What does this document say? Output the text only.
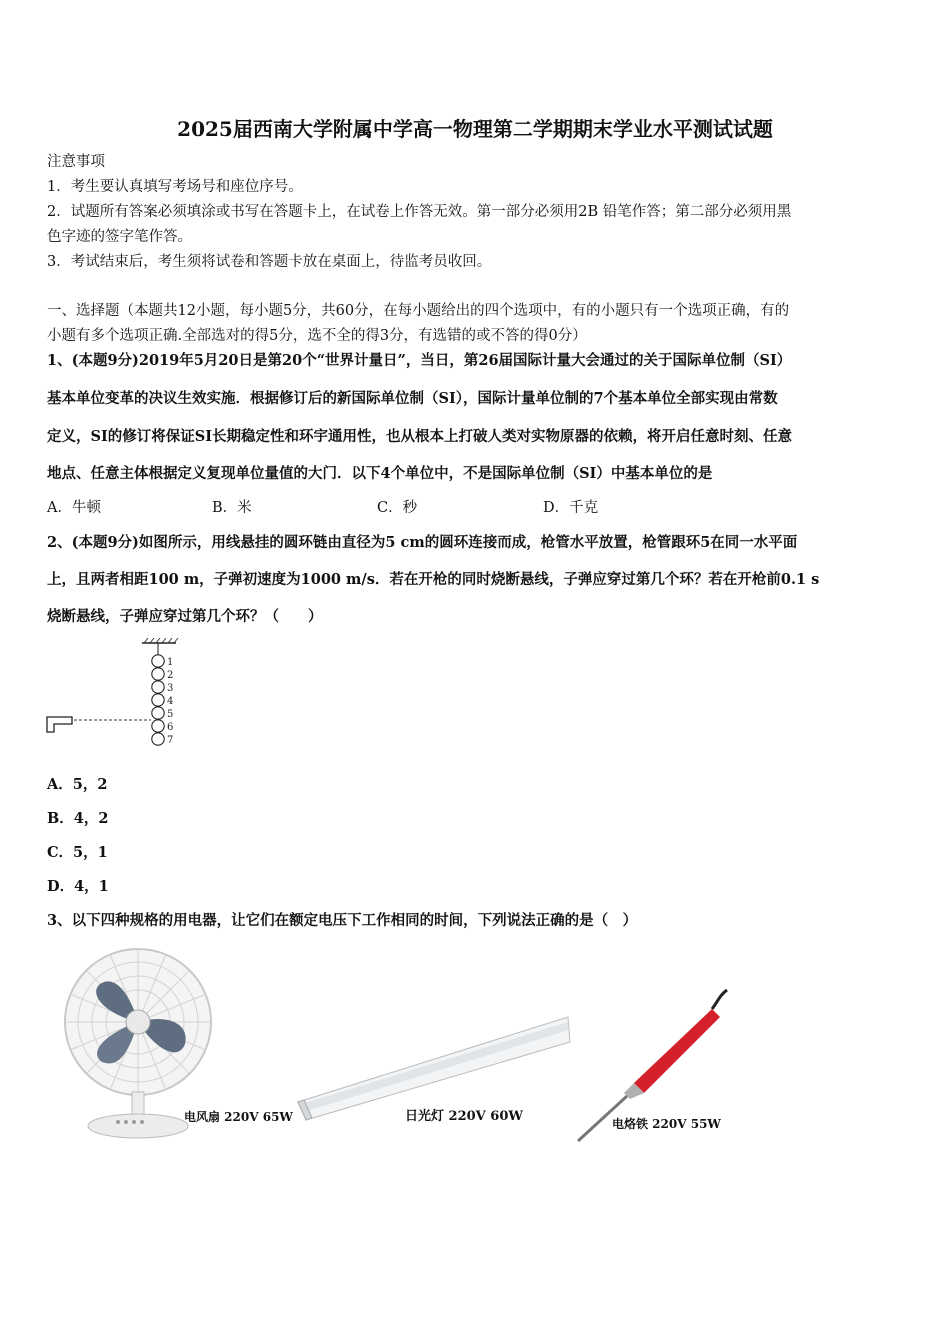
2025届西南大学附属中学高一物理第二学期期末学业水平测试试题
注意事项
1．考生要认真填写考场号和座位序号。
2．试题所有答案必须填涂或书写在答题卡上，在试卷上作答无效。第一部分必须用2B 铅笔作答；第二部分必须用黑
色字迹的签字笔作答。
3．考试结束后，考生须将试卷和答题卡放在桌面上，待监考员收回。
一、选择题（本题共12小题，每小题5分，共60分，在每小题给出的四个选项中，有的小题只有一个选项正确，有的
小题有多个选项正确.全部选对的得5分，选不全的得3分，有选错的或不答的得0分）
1、(本题9分)2019年5月20日是第20个“世界计量日”，当日，第26届国际计量大会通过的关于国际单位制（SI）
基本单位变革的决议生效实施．根据修订后的新国际单位制（SI），国际计量单位制的7个基本单位全部实现由常数
定义，SI的修订将保证SI长期稳定性和环宇通用性，也从根本上打破人类对实物原器的依赖，将开启任意时刻、任意
地点、任意主体根据定义复现单位量值的大门．以下4个单位中，不是国际单位制（SI）中基本单位的是
A．牛顿	B．米	C．秒	D．千克
2、(本题9分)如图所示，用线悬挂的圆环链由直径为5 cm的圆环连接而成，枪管水平放置，枪管跟环5在同一水平面
上，且两者相距100 m，子弹初速度为1000 m/s．若在开枪的同时烧断悬线，子弹应穿过第几个环？若在开枪前0.1 s
烧断悬线，子弹应穿过第几个环？（　　）
1
2
3
4
5
6
7
A．5，2
B．4，2
C．5，1
D．4，1
3、以下四种规格的用电器，让它们在额定电压下工作相同的时间，下列说法正确的是（　）
电风扇 220V 65W	日光灯 220V 60W	电烙铁 220V 55W
